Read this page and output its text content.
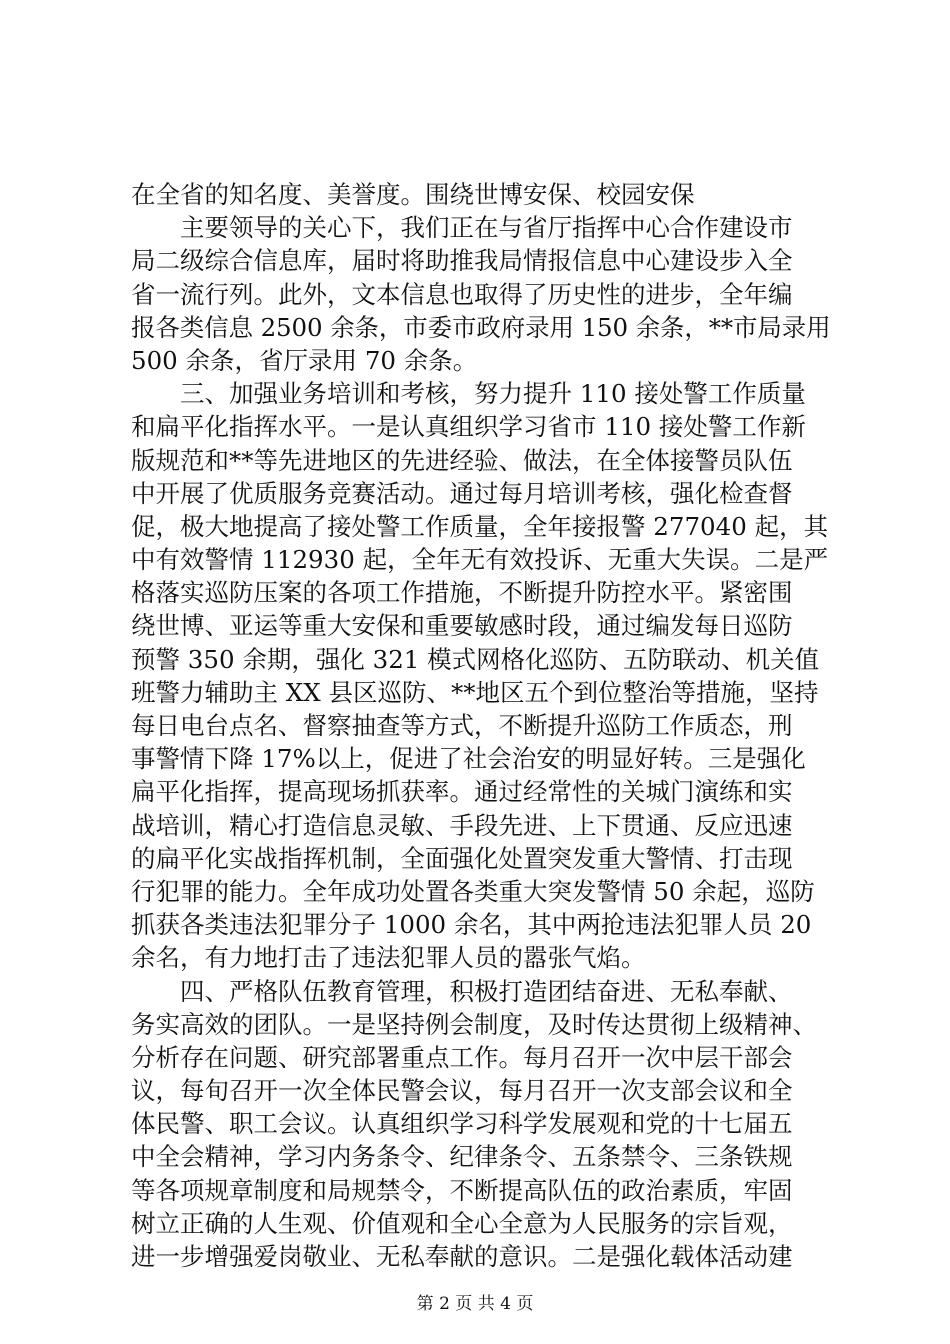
在全省的知名度、美誉度。围绕世博安保、校园安保
　　主要领导的关心下，我们正在与省厅指挥中心合作建设市
局二级综合信息库，届时将助推我局情报信息中心建设步入全
省一流行列。此外，文本信息也取得了历史性的进步，全年编
报各类信息 2500 余条，市委市政府录用 150 余条，**市局录用
500 余条，省厅录用 70 余条。
　　三、加强业务培训和考核，努力提升 110 接处警工作质量
和扁平化指挥水平。一是认真组织学习省市 110 接处警工作新
版规范和**等先进地区的先进经验、做法，在全体接警员队伍
中开展了优质服务竞赛活动。通过每月培训考核，强化检查督
促，极大地提高了接处警工作质量，全年接报警 277040 起，其
中有效警情 112930 起，全年无有效投诉、无重大失误。二是严
格落实巡防压案的各项工作措施，不断提升防控水平。紧密围
绕世博、亚运等重大安保和重要敏感时段，通过编发每日巡防
预警 350 余期，强化 321 模式网格化巡防、五防联动、机关值
班警力辅助主 XX 县区巡防、**地区五个到位整治等措施，坚持
每日电台点名、督察抽查等方式，不断提升巡防工作质态，刑
事警情下降 17%以上，促进了社会治安的明显好转。三是强化
扁平化指挥，提高现场抓获率。通过经常性的关城门演练和实
战培训，精心打造信息灵敏、手段先进、上下贯通、反应迅速
的扁平化实战指挥机制，全面强化处置突发重大警情、打击现
行犯罪的能力。全年成功处置各类重大突发警情 50 余起，巡防
抓获各类违法犯罪分子 1000 余名，其中两抢违法犯罪人员 20
余名，有力地打击了违法犯罪人员的嚣张气焰。
　　四、严格队伍教育管理，积极打造团结奋进、无私奉献、
务实高效的团队。一是坚持例会制度，及时传达贯彻上级精神、
分析存在问题、研究部署重点工作。每月召开一次中层干部会
议，每旬召开一次全体民警会议，每月召开一次支部会议和全
体民警、职工会议。认真组织学习科学发展观和党的十七届五
中全会精神，学习内务条令、纪律条令、五条禁令、三条铁规
等各项规章制度和局规禁令，不断提高队伍的政治素质，牢固
树立正确的人生观、价值观和全心全意为人民服务的宗旨观，
进一步增强爱岗敬业、无私奉献的意识。二是强化载体活动建
第 2 页 共 4 页
